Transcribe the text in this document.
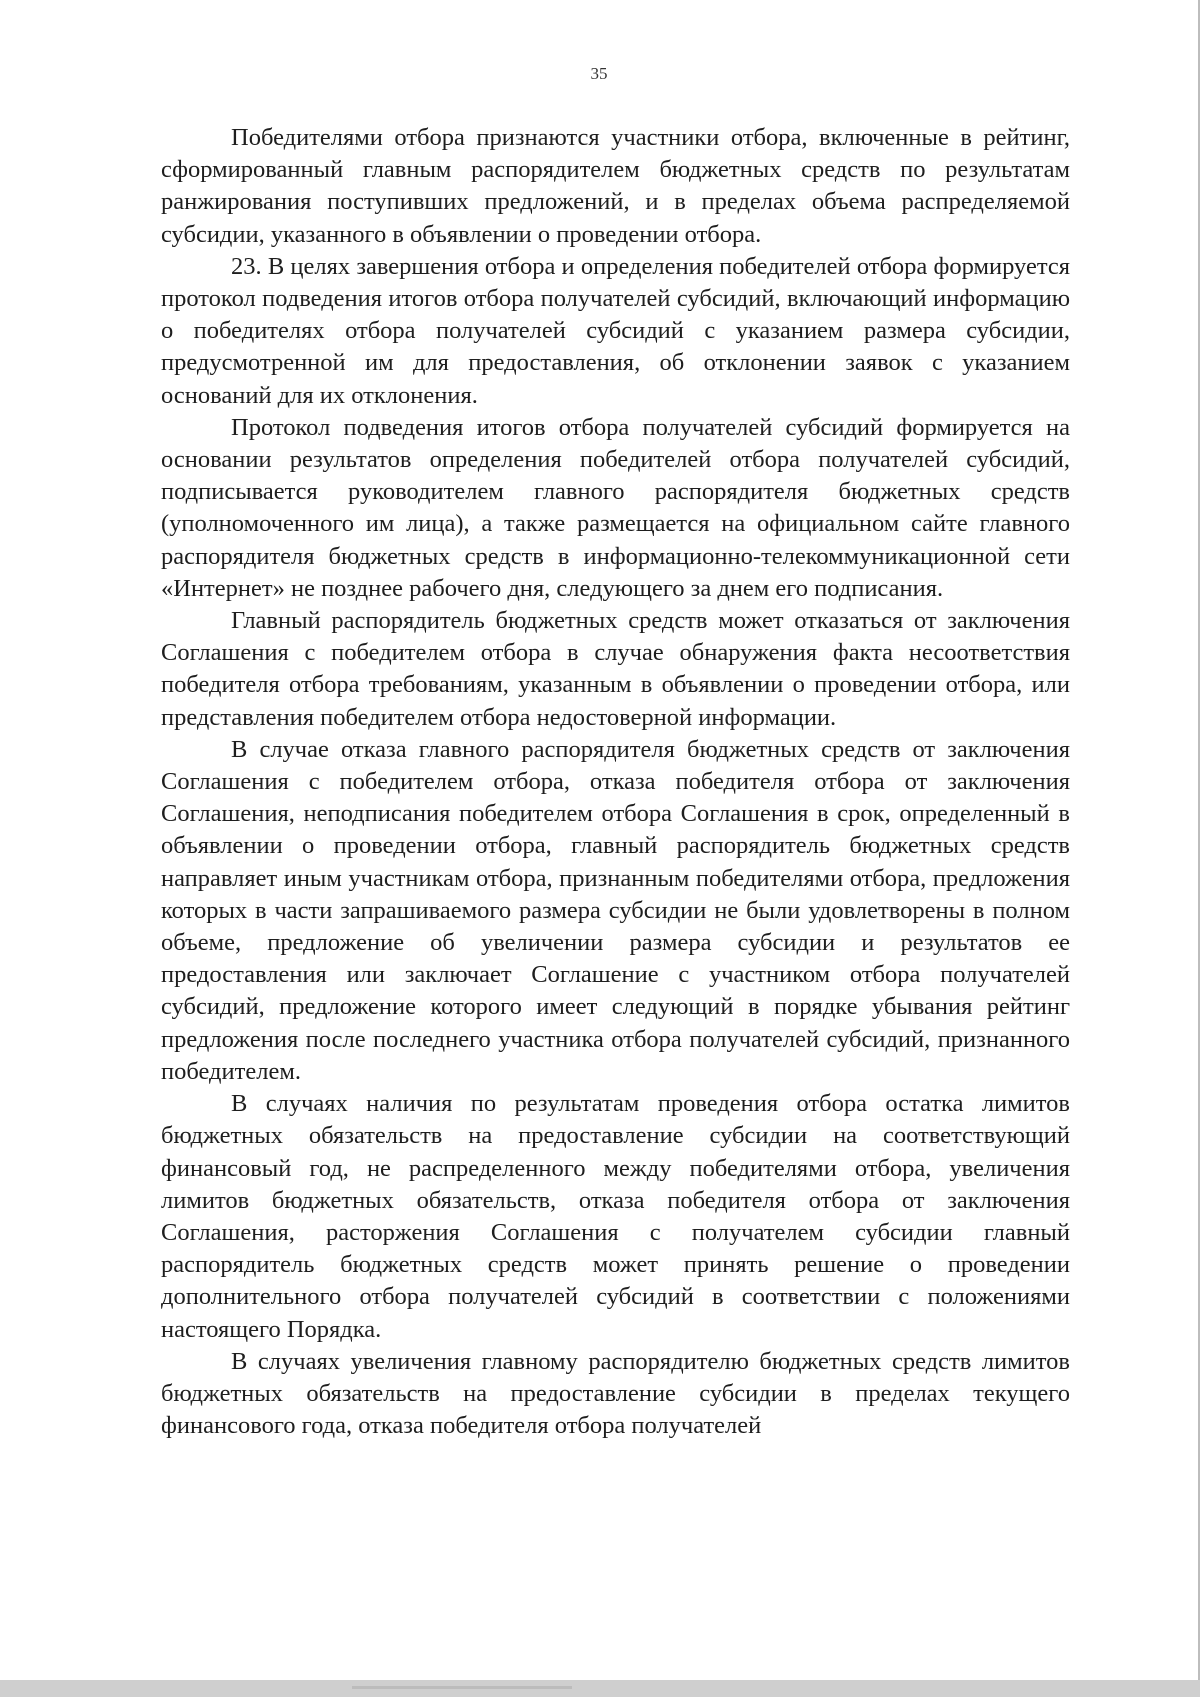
35

Победителями отбора признаются участники отбора, включенные в рейтинг, сформированный главным распорядителем бюджетных средств по результатам ранжирования поступивших предложений, и в пределах объема распределяемой субсидии, указанного в объявлении о проведении отбора.

23. В целях завершения отбора и определения победителей отбора формируется протокол подведения итогов отбора получателей субсидий, включающий информацию о победителях отбора получателей субсидий с указанием размера субсидии, предусмотренной им для предоставления, об отклонении заявок с указанием оснований для их отклонения.

Протокол подведения итогов отбора получателей субсидий формируется на основании результатов определения победителей отбора получателей субсидий, подписывается руководителем главного распорядителя бюджетных средств (уполномоченного им лица), а также размещается на официальном сайте главного распорядителя бюджетных средств в информационно-телекоммуникационной сети «Интернет» не позднее рабочего дня, следующего за днем его подписания.

Главный распорядитель бюджетных средств может отказаться от заключения Соглашения с победителем отбора в случае обнаружения факта несоответствия победителя отбора требованиям, указанным в объявлении о проведении отбора, или представления победителем отбора недостоверной информации.

В случае отказа главного распорядителя бюджетных средств от заключения Соглашения с победителем отбора, отказа победителя отбора от заключения Соглашения, неподписания победителем отбора Соглашения в срок, определенный в объявлении о проведении отбора, главный распорядитель бюджетных средств направляет иным участникам отбора, признанным победителями отбора, предложения которых в части запрашиваемого размера субсидии не были удовлетворены в полном объеме, предложение об увеличении размера субсидии и результатов ее предоставления или заключает Соглашение с участником отбора получателей субсидий, предложение которого имеет следующий в порядке убывания рейтинг предложения после последнего участника отбора получателей субсидий, признанного победителем.

В случаях наличия по результатам проведения отбора остатка лимитов бюджетных обязательств на предоставление субсидии на соответствующий финансовый год, не распределенного между победителями отбора, увеличения лимитов бюджетных обязательств, отказа победителя отбора от заключения Соглашения, расторжения Соглашения с получателем субсидии главный распорядитель бюджетных средств может принять решение о проведении дополнительного отбора получателей субсидий в соответствии с положениями настоящего Порядка.

В случаях увеличения главному распорядителю бюджетных средств лимитов бюджетных обязательств на предоставление субсидии в пределах текущего финансового года, отказа победителя отбора получателей
